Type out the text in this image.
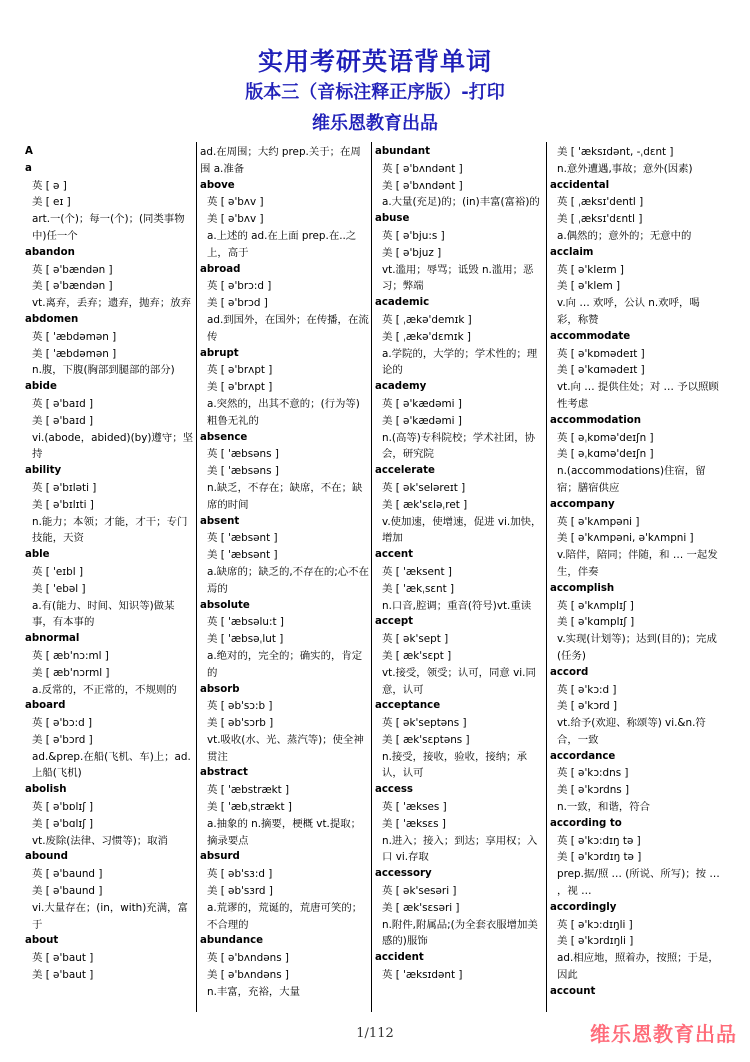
实用考研英语背单词
版本三（音标注释正序版）-打印
维乐恩教育出品
A
a
英 [ ə ]
美 [ eɪ ]
art.一(个)；每一(个)；(同类事物中)任一个
abandon
英 [ ə'bændən ]
美 [ ə'bændən ]
vt.离弃，丢弃；遗弃，抛弃；放弃
abdomen
英 [ 'æbdəmən ]
美 [ 'æbdəmən ]
n.腹，下腹(胸部到腿部的部分)
abide
英 [ ə'baɪd ]
美 [ ə'baɪd ]
vi.(abode，abided)(by)遵守；坚持
ability
英 [ ə'bɪləti ]
美 [ ə'bɪlɪti ]
n.能力；本领；才能，才干；专门技能，天资
able
英 [ 'eɪbl ]
美 [ 'ebəl ]
a.有(能力、时间、知识等)做某事，有本事的
abnormal
英 [ æb'nɔ:ml ]
美 [ æb'nɔrml ]
a.反常的，不正常的，不规则的
aboard
英 [ ə'bɔ:d ]
美 [ ə'bɔrd ]
ad.&prep.在船(飞机、车)上；ad.上船(飞机)
abolish
英 [ ə'bɒlɪʃ ]
美 [ ə'bɑlɪʃ ]
vt.废除(法律、习惯等)；取消
abound
英 [ ə'baund ]
美 [ ə'baund ]
vi.大量存在；(in，with)充满，富于
about
英 [ ə'baut ]
美 [ ə'baut ]
ad.在周围；大约 prep.关于；在周围 a.准备
above
英 [ ə'bʌv ]
美 [ ə'bʌv ]
a.上述的 ad.在上面 prep.在..之上，高于
abroad
英 [ ə'brɔ:d ]
美 [ ə'brɔd ]
ad.到国外，在国外；在传播，在流传
abrupt
英 [ ə'brʌpt ]
美 [ ə'brʌpt ]
a.突然的，出其不意的；(行为等)粗鲁无礼的
absence
英 [ 'æbsəns ]
美 [ 'æbsəns ]
n.缺乏，不存在；缺席，不在；缺席的时间
absent
英 [ 'æbsənt ]
美 [ 'æbsənt ]
a.缺席的；缺乏的,不存在的;心不在焉的
absolute
英 [ 'æbsəlu:t ]
美 [ 'æbsəˌlut ]
a.绝对的，完全的；确实的，肯定的
absorb
英 [ əb'sɔ:b ]
美 [ əb'sɔrb ]
vt.吸收(水、光、蒸汽等)；使全神贯注
abstract
英 [ 'æbstrækt ]
美 [ 'æbˌstrækt ]
a.抽象的 n.摘要，梗概 vt.提取；摘录要点
absurd
英 [ əb'sɜ:d ]
美 [ əb'sɜrd ]
a.荒谬的，荒诞的，荒唐可笑的；不合理的
abundance
英 [ ə'bʌndəns ]
美 [ ə'bʌndəns ]
n.丰富，充裕，大量
abundant
英 [ ə'bʌndənt ]
美 [ ə'bʌndənt ]
a.大量(充足)的；(in)丰富(富裕)的
abuse
英 [ ə'bju:s ]
美 [ ə'bjuz ]
vt.滥用；辱骂；诋毁 n.滥用；恶习；弊端
academic
英 [ ˌækə'demɪk ]
美 [ ˌækə'dɛmɪk ]
a.学院的，大学的；学术性的；理论的
academy
英 [ ə'kædəmi ]
美 [ ə'kædəmi ]
n.(高等)专科院校；学术社团，协会，研究院
accelerate
英 [ ək'seləreɪt ]
美 [ æk'sɛləˌret ]
v.使加速，使增速，促进 vi.加快，增加
accent
英 [ 'æksent ]
美 [ 'ækˌsɛnt ]
n.口音,腔调；重音(符号)vt.重读
accept
英 [ ək'sept ]
美 [ æk'sɛpt ]
vt.接受，领受；认可，同意 vi.同意，认可
acceptance
英 [ ək'septəns ]
美 [ æk'sɛptəns ]
n.接受，接收，验收，接纳；承认，认可
access
英 [ 'ækses ]
美 [ 'æksɛs ]
n.进入；接入；到达；享用权；入口 vi.存取
accessory
英 [ ək'sesəri ]
美 [ æk'sɛsəri ]
n.附件,附属品;(为全套衣服增加美感的)服饰
accident
英 [ 'æksɪdənt ]
美 [ 'æksɪdənt, -ˌdɛnt ]
n.意外遭遇,事故；意外(因素)
accidental
英 [ ˌæksɪ'dentl ]
美 [ ˌæksɪ'dɛntl ]
a.偶然的；意外的；无意中的
acclaim
英 [ ə'kleɪm ]
美 [ ə'klem ]
v.向 … 欢呼，公认 n.欢呼，喝彩，称赞
accommodate
英 [ ə'kɒmədeɪt ]
美 [ ə'kɑmədeɪt ]
vt.向 … 提供住处；对 … 予以照顾性考虑
accommodation
英 [ əˌkɒmə'deɪʃn ]
美 [ əˌkɑmə'deɪʃn ]
n.(accommodations)住宿，留宿；膳宿供应
accompany
英 [ ə'kʌmpəni ]
美 [ ə'kʌmpəni, ə'kʌmpni ]
v.陪伴，陪同；伴随，和 … 一起发生，伴奏
accomplish
英 [ ə'kʌmplɪʃ ]
美 [ ə'kɑmplɪʃ ]
v.实现(计划等)；达到(目的)；完成(任务)
accord
英 [ ə'kɔ:d ]
美 [ ə'kɔrd ]
vt.给予(欢迎、称颂等) vi.&n.符合，一致
accordance
英 [ ə'kɔ:dns ]
美 [ ə'kɔrdns ]
n.一致，和谐，符合
according to
英 [ ə'kɔ:dɪŋ tə ]
美 [ ə'kɔrdɪŋ tə ]
prep.据/照 … (所说、所写)；按 … ，视 …
accordingly
英 [ ə'kɔ:dɪŋli ]
美 [ ə'kɔrdɪŋli ]
ad.相应地，照着办，按照；于是，因此
account
1/112	维乐恩教育出品
